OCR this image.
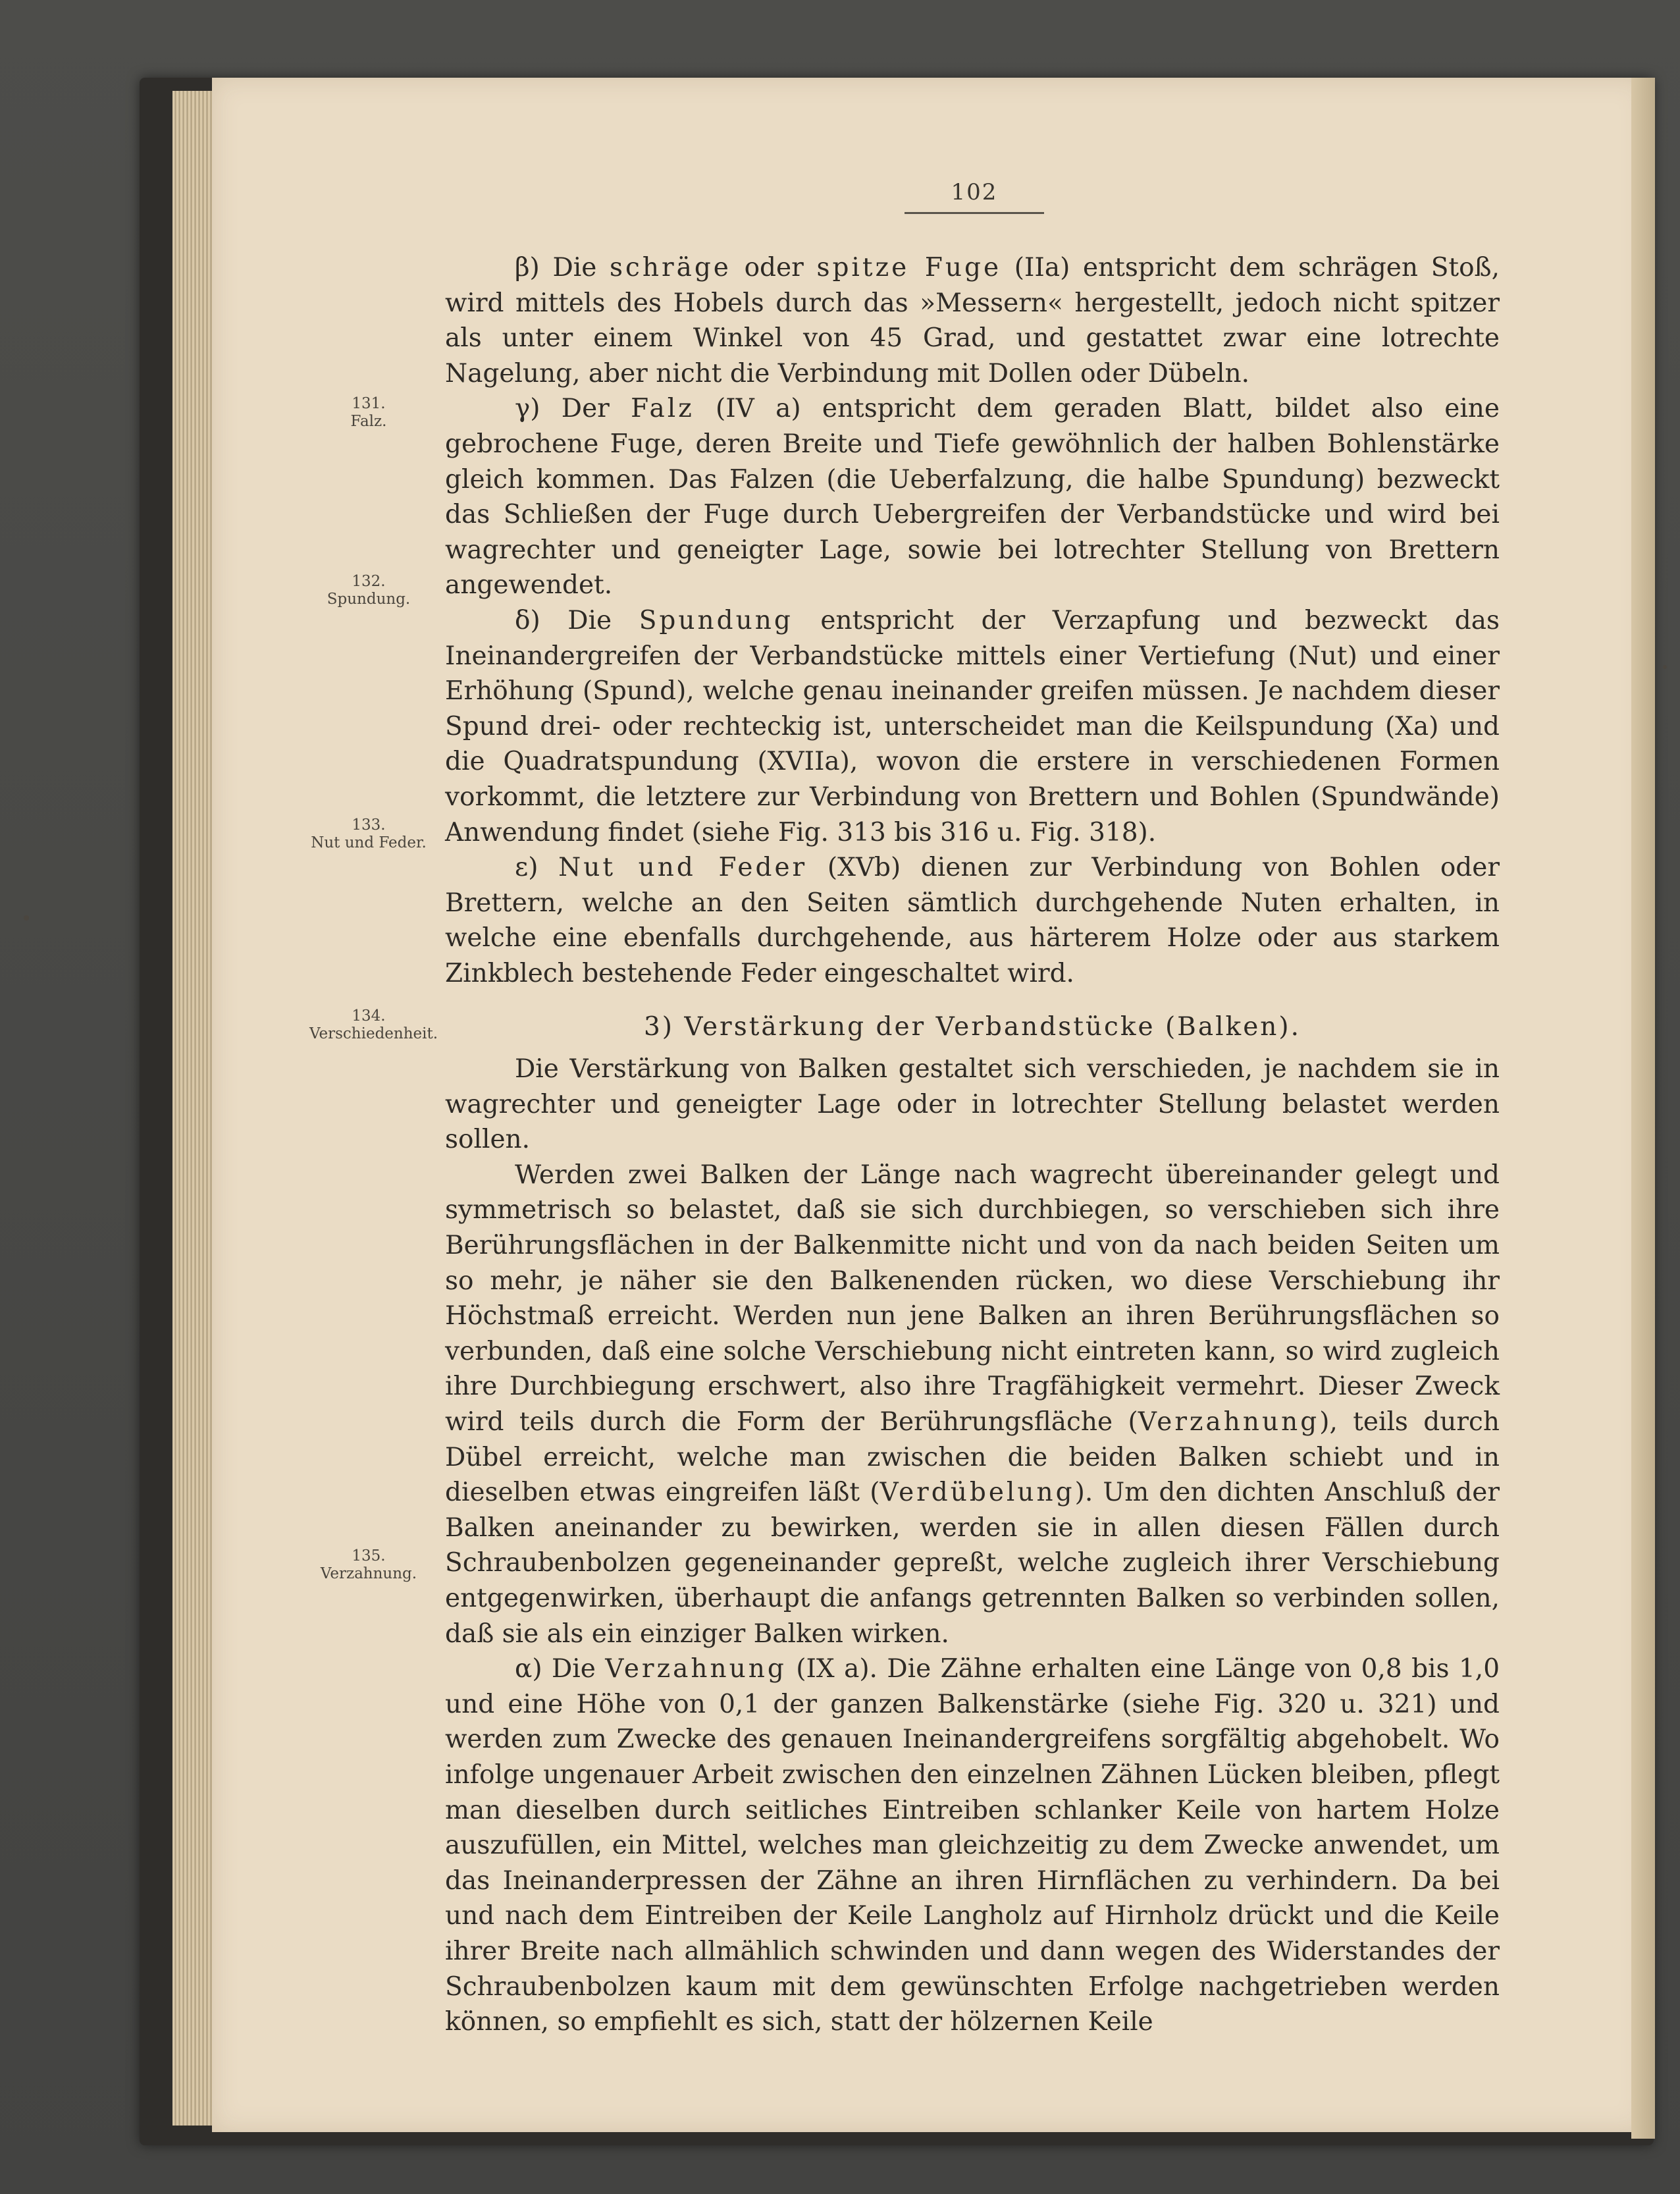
102
131.
Falz.
132.
Spundung.
133.
Nut und Feder.
134.
Verschiedenheit.
135.
Verzahnung.

β) Die schräge oder spitze Fuge (IIa) entspricht dem schrägen Stoß, wird mittels des Hobels durch das »Messern« hergestellt, jedoch nicht spitzer als unter einem Winkel von 45 Grad, und gestattet zwar eine lotrechte Nagelung, aber nicht die Verbindung mit Dollen oder Dübeln.

γ) Der Falz (IV a) entspricht dem geraden Blatt, bildet also eine gebrochene Fuge, deren Breite und Tiefe gewöhnlich der halben Bohlenstärke gleich kommen. Das Falzen (die Ueberfalzung, die halbe Spundung) bezweckt das Schließen der Fuge durch Uebergreifen der Verbandstücke und wird bei wagrechter und geneigter Lage, sowie bei lotrechter Stellung von Brettern angewendet.

δ) Die Spundung entspricht der Verzapfung und bezweckt das Ineinandergreifen der Verbandstücke mittels einer Vertiefung (Nut) und einer Erhöhung (Spund), welche genau ineinander greifen müssen. Je nachdem dieser Spund drei- oder rechteckig ist, unterscheidet man die Keilspundung (Xa) und die Quadratspundung (XVIIa), wovon die erstere in verschiedenen Formen vorkommt, die letztere zur Verbindung von Brettern und Bohlen (Spundwände) Anwendung findet (siehe Fig. 313 bis 316 u. Fig. 318).

ε) Nut und Feder (XVb) dienen zur Verbindung von Bohlen oder Brettern, welche an den Seiten sämtlich durchgehende Nuten erhalten, in welche eine ebenfalls durchgehende, aus härterem Holze oder aus starkem Zinkblech bestehende Feder eingeschaltet wird.

3) Verstärkung der Verbandstücke (Balken).

Die Verstärkung von Balken gestaltet sich verschieden, je nachdem sie in wagrechter und geneigter Lage oder in lotrechter Stellung belastet werden sollen.

Werden zwei Balken der Länge nach wagrecht übereinander gelegt und symmetrisch so belastet, daß sie sich durchbiegen, so verschieben sich ihre Berührungsflächen in der Balkenmitte nicht und von da nach beiden Seiten um so mehr, je näher sie den Balkenenden rücken, wo diese Verschiebung ihr Höchstmaß erreicht. Werden nun jene Balken an ihren Berührungsflächen so verbunden, daß eine solche Verschiebung nicht eintreten kann, so wird zugleich ihre Durchbiegung erschwert, also ihre Tragfähigkeit vermehrt. Dieser Zweck wird teils durch die Form der Berührungsfläche (Verzahnung), teils durch Dübel erreicht, welche man zwischen die beiden Balken schiebt und in dieselben etwas eingreifen läßt (Verdübelung). Um den dichten Anschluß der Balken aneinander zu bewirken, werden sie in allen diesen Fällen durch Schraubenbolzen gegeneinander gepreßt, welche zugleich ihrer Verschiebung entgegenwirken, überhaupt die anfangs getrennten Balken so verbinden sollen, daß sie als ein einziger Balken wirken.

α) Die Verzahnung (IX a). Die Zähne erhalten eine Länge von 0,8 bis 1,0 und eine Höhe von 0,1 der ganzen Balkenstärke (siehe Fig. 320 u. 321) und werden zum Zwecke des genauen Ineinandergreifens sorgfältig abgehobelt. Wo infolge ungenauer Arbeit zwischen den einzelnen Zähnen Lücken bleiben, pflegt man dieselben durch seitliches Eintreiben schlanker Keile von hartem Holze auszufüllen, ein Mittel, welches man gleichzeitig zu dem Zwecke anwendet, um das Ineinanderpressen der Zähne an ihren Hirnflächen zu verhindern. Da bei und nach dem Eintreiben der Keile Langholz auf Hirnholz drückt und die Keile ihrer Breite nach allmählich schwinden und dann wegen des Widerstandes der Schraubenbolzen kaum mit dem gewünschten Erfolge nachgetrieben werden können, so empfiehlt es sich, statt der hölzernen Keile
